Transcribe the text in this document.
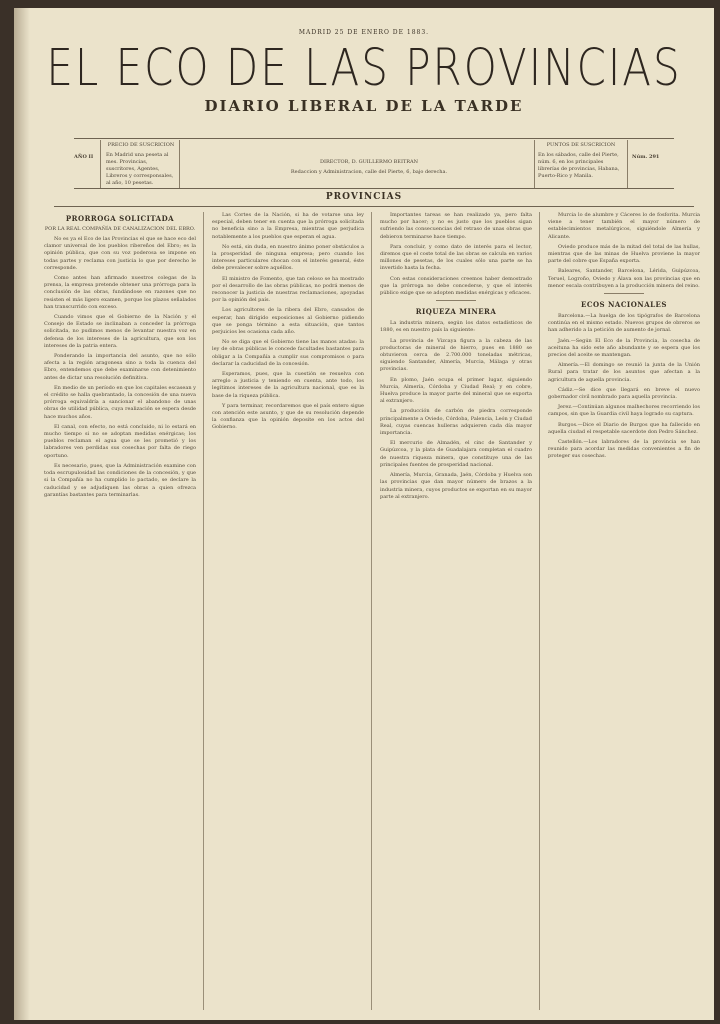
MADRID 25 DE ENERO DE 1883.
EL ECO DE LAS PROVINCIAS
DIARIO LIBERAL DE LA TARDE
PRECIO DE SUSCRICION
AÑO II	En Madrid una peseta al mes. Provincias, suscritores, Agentes, Libreros y corresponsales, al año, 10 pesetas.
DIRECTOR, D. GUILLERMO BEITRAN
Redaccion y Administracion, calle del Pierte, 6, bajo derecha.
PUNTOS DE SUSCRICION
En los sábados, calle del Pierte, núm. 6, en los principales librerías de provincias, Habana, Puerto-Rico y Manila.
Núm. 291
PROVINCIAS
PRORROGA SOLICITADA
POR LA REAL COMPAÑÍA DE CANALIZACION DEL EBRO.

No es ya el Eco de las Provincias el que se hace eco del clamor universal de los pueblos ribereños del Ebro; es la opinión pública, que con su voz poderosa se impone en todas partes y reclama con justicia lo que por derecho le corresponde.

Como antes han afirmado nuestros colegas de la prensa, la empresa pretende obtener una prórroga para la conclusión de las obras, fundándose en razones que no resisten el más ligero examen, porque los plazos señalados han transcurrido con exceso.

Cuando vimos que el Gobierno de la Nación y el Consejo de Estado se inclinaban a conceder la prórroga solicitada, no pudimos menos de levantar nuestra voz en defensa de los intereses de la agricultura, que son los intereses de la patria entera.

Ponderando la importancia del asunto, que no sólo afecta a la región aragonesa sino a toda la cuenca del Ebro, entendemos que debe examinarse con detenimiento antes de dictar una resolución definitiva.

En medio de un período en que los capitales escasean y el crédito se halla quebrantado, la concesión de una nueva prórroga equivaldría a sancionar el abandono de unas obras de utilidad pública, cuya realización se espera desde hace muchos años.

El canal, con efecto, no está concluido, ni lo estará en mucho tiempo si no se adoptan medidas enérgicas; los pueblos reclaman el agua que se les prometió y los labradores ven perdidas sus cosechas por falta de riego oportuno.

Es necesario, pues, que la Administración examine con toda escrupulosidad las condiciones de la concesión, y que si la Compañía no ha cumplido lo pactado, se declare la caducidad y se adjudiquen las obras a quien ofrezca garantías bastantes para terminarlas.

Las Cortes de la Nación, si ha de votarse una ley especial, deben tener en cuenta que la prórroga solicitada no beneficia sino a la Empresa, mientras que perjudica notablemente a los pueblos que esperan el agua.

No está, sin duda, en nuestro ánimo poner obstáculos a la prosperidad de ninguna empresa; pero cuando los intereses particulares chocan con el interés general, éste debe prevalecer sobre aquéllos.

El ministro de Fomento, que tan celoso se ha mostrado por el desarrollo de las obras públicas, no podrá menos de reconocer la justicia de nuestras reclamaciones, apoyadas por la opinión del país.

Los agricultores de la ribera del Ebro, cansados de esperar, han dirigido exposiciones al Gobierno pidiendo que se ponga término a esta situación, que tantos perjuicios les ocasiona cada año.

No se diga que el Gobierno tiene las manos atadas: la ley de obras públicas le concede facultades bastantes para obligar a la Compañía a cumplir sus compromisos o para declarar la caducidad de la concesión.

Esperamos, pues, que la cuestión se resuelva con arreglo a justicia y teniendo en cuenta, ante todo, los legítimos intereses de la agricultura nacional, que es la base de la riqueza pública.

Y para terminar, recordaremos que el país entero sigue con atención este asunto, y que de su resolución depende la confianza que la opinión deposite en los actos del Gobierno.

Importantes tareas se han realizado ya, pero falta mucho por hacer; y no es justo que los pueblos sigan sufriendo las consecuencias del retraso de unas obras que debieron terminarse hace tiempo.

Para concluir, y como dato de interés para el lector, diremos que el coste total de las obras se calcula en varios millones de pesetas, de los cuales sólo una parte se ha invertido hasta la fecha.

Con estas consideraciones creemos haber demostrado que la prórroga no debe concederse, y que el interés público exige que se adopten medidas enérgicas y eficaces.

RIQUEZA MINERA

La industria minera, según los datos estadísticos de 1880, es en nuestro país la siguiente:

La provincia de Vizcaya figura a la cabeza de las productoras de mineral de hierro, pues en 1880 se obtuvieron cerca de 2.700.000 toneladas métricas, siguiendo Santander, Almería, Murcia, Málaga y otras provincias.

En plomo, Jaén ocupa el primer lugar, siguiendo Murcia, Almería, Córdoba y Ciudad Real; y en cobre, Huelva produce la mayor parte del mineral que se exporta al extranjero.

La producción de carbón de piedra corresponde principalmente a Oviedo, Córdoba, Palencia, León y Ciudad Real, cuyas cuencas hulleras adquieren cada día mayor importancia.

El mercurio de Almadén, el cinc de Santander y Guipúzcoa, y la plata de Guadalajara completan el cuadro de nuestra riqueza minera, que constituye una de las principales fuentes de prosperidad nacional.

Almería, Murcia, Granada, Jaén, Córdoba y Huelva son las provincias que dan mayor número de brazos a la industria minera, cuyos productos se exportan en su mayor parte al extranjero.

Murcia lo de alumbre y Cáceres lo de fosforita. Murcia viene a tener también el mayor número de establecimientos metalúrgicos, siguiéndole Almería y Alicante.

Oviedo produce más de la mitad del total de las hullas, mientras que de las minas de Huelva proviene la mayor parte del cobre que España exporta.

Baleares, Santander, Barcelona, Lérida, Guipúzcoa, Teruel, Logroño, Oviedo y Álava son las provincias que en menor escala contribuyen a la producción minera del reino.

ECOS NACIONALES

Barcelona.—La huelga de los tipógrafos de Barcelona continúa en el mismo estado. Nuevos grupos de obreros se han adherido a la petición de aumento de jornal.

Jaén.—Según El Eco de la Provincia, la cosecha de aceituna ha sido este año abundante y se espera que los precios del aceite se mantengan.

Almería.—El domingo se reunió la junta de la Unión Rural para tratar de los asuntos que afectan a la agricultura de aquella provincia.

Cádiz.—Se dice que llegará en breve el nuevo gobernador civil nombrado para aquella provincia.

Jerez.—Continúan algunos malhechores recorriendo los campos, sin que la Guardia civil haya logrado su captura.

Burgos.—Dice el Diario de Burgos que ha fallecido en aquella ciudad el respetable sacerdote don Pedro Sánchez.

Castellón.—Los labradores de la provincia se han reunido para acordar las medidas convenientes a fin de proteger sus cosechas.
